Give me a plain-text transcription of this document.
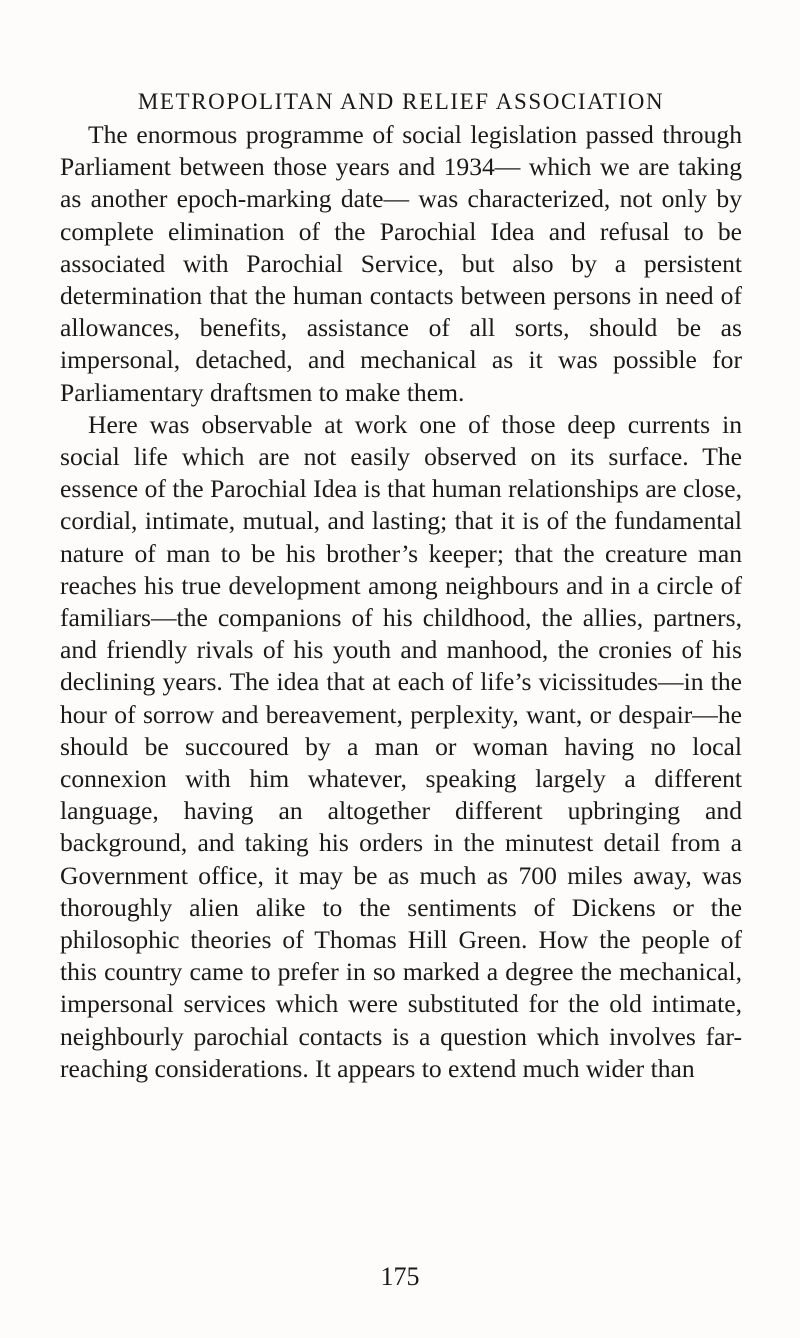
METROPOLITAN AND RELIEF ASSOCIATION

The enormous programme of social legislation passed through Parliament between those years and 1934— which we are taking as another epoch-marking date— was characterized, not only by complete elimination of the Parochial Idea and refusal to be associated with Parochial Service, but also by a persistent determination that the human contacts between persons in need of allowances, benefits, assistance of all sorts, should be as impersonal, detached, and mechanical as it was possible for Parliamentary draftsmen to make them.

Here was observable at work one of those deep currents in social life which are not easily observed on its surface. The essence of the Parochial Idea is that human relationships are close, cordial, intimate, mutual, and lasting; that it is of the fundamental nature of man to be his brother’s keeper; that the creature man reaches his true development among neighbours and in a circle of familiars—the companions of his childhood, the allies, partners, and friendly rivals of his youth and manhood, the cronies of his declining years. The idea that at each of life’s vicissitudes—in the hour of sorrow and bereavement, perplexity, want, or despair—he should be succoured by a man or woman having no local connexion with him whatever, speaking largely a different language, having an altogether different upbringing and background, and taking his orders in the minutest detail from a Government office, it may be as much as 700 miles away, was thoroughly alien alike to the sentiments of Dickens or the philosophic theories of Thomas Hill Green. How the people of this country came to prefer in so marked a degree the mechanical, impersonal services which were substituted for the old intimate, neighbourly parochial contacts is a question which involves far-reaching considerations. It appears to extend much wider than

175
